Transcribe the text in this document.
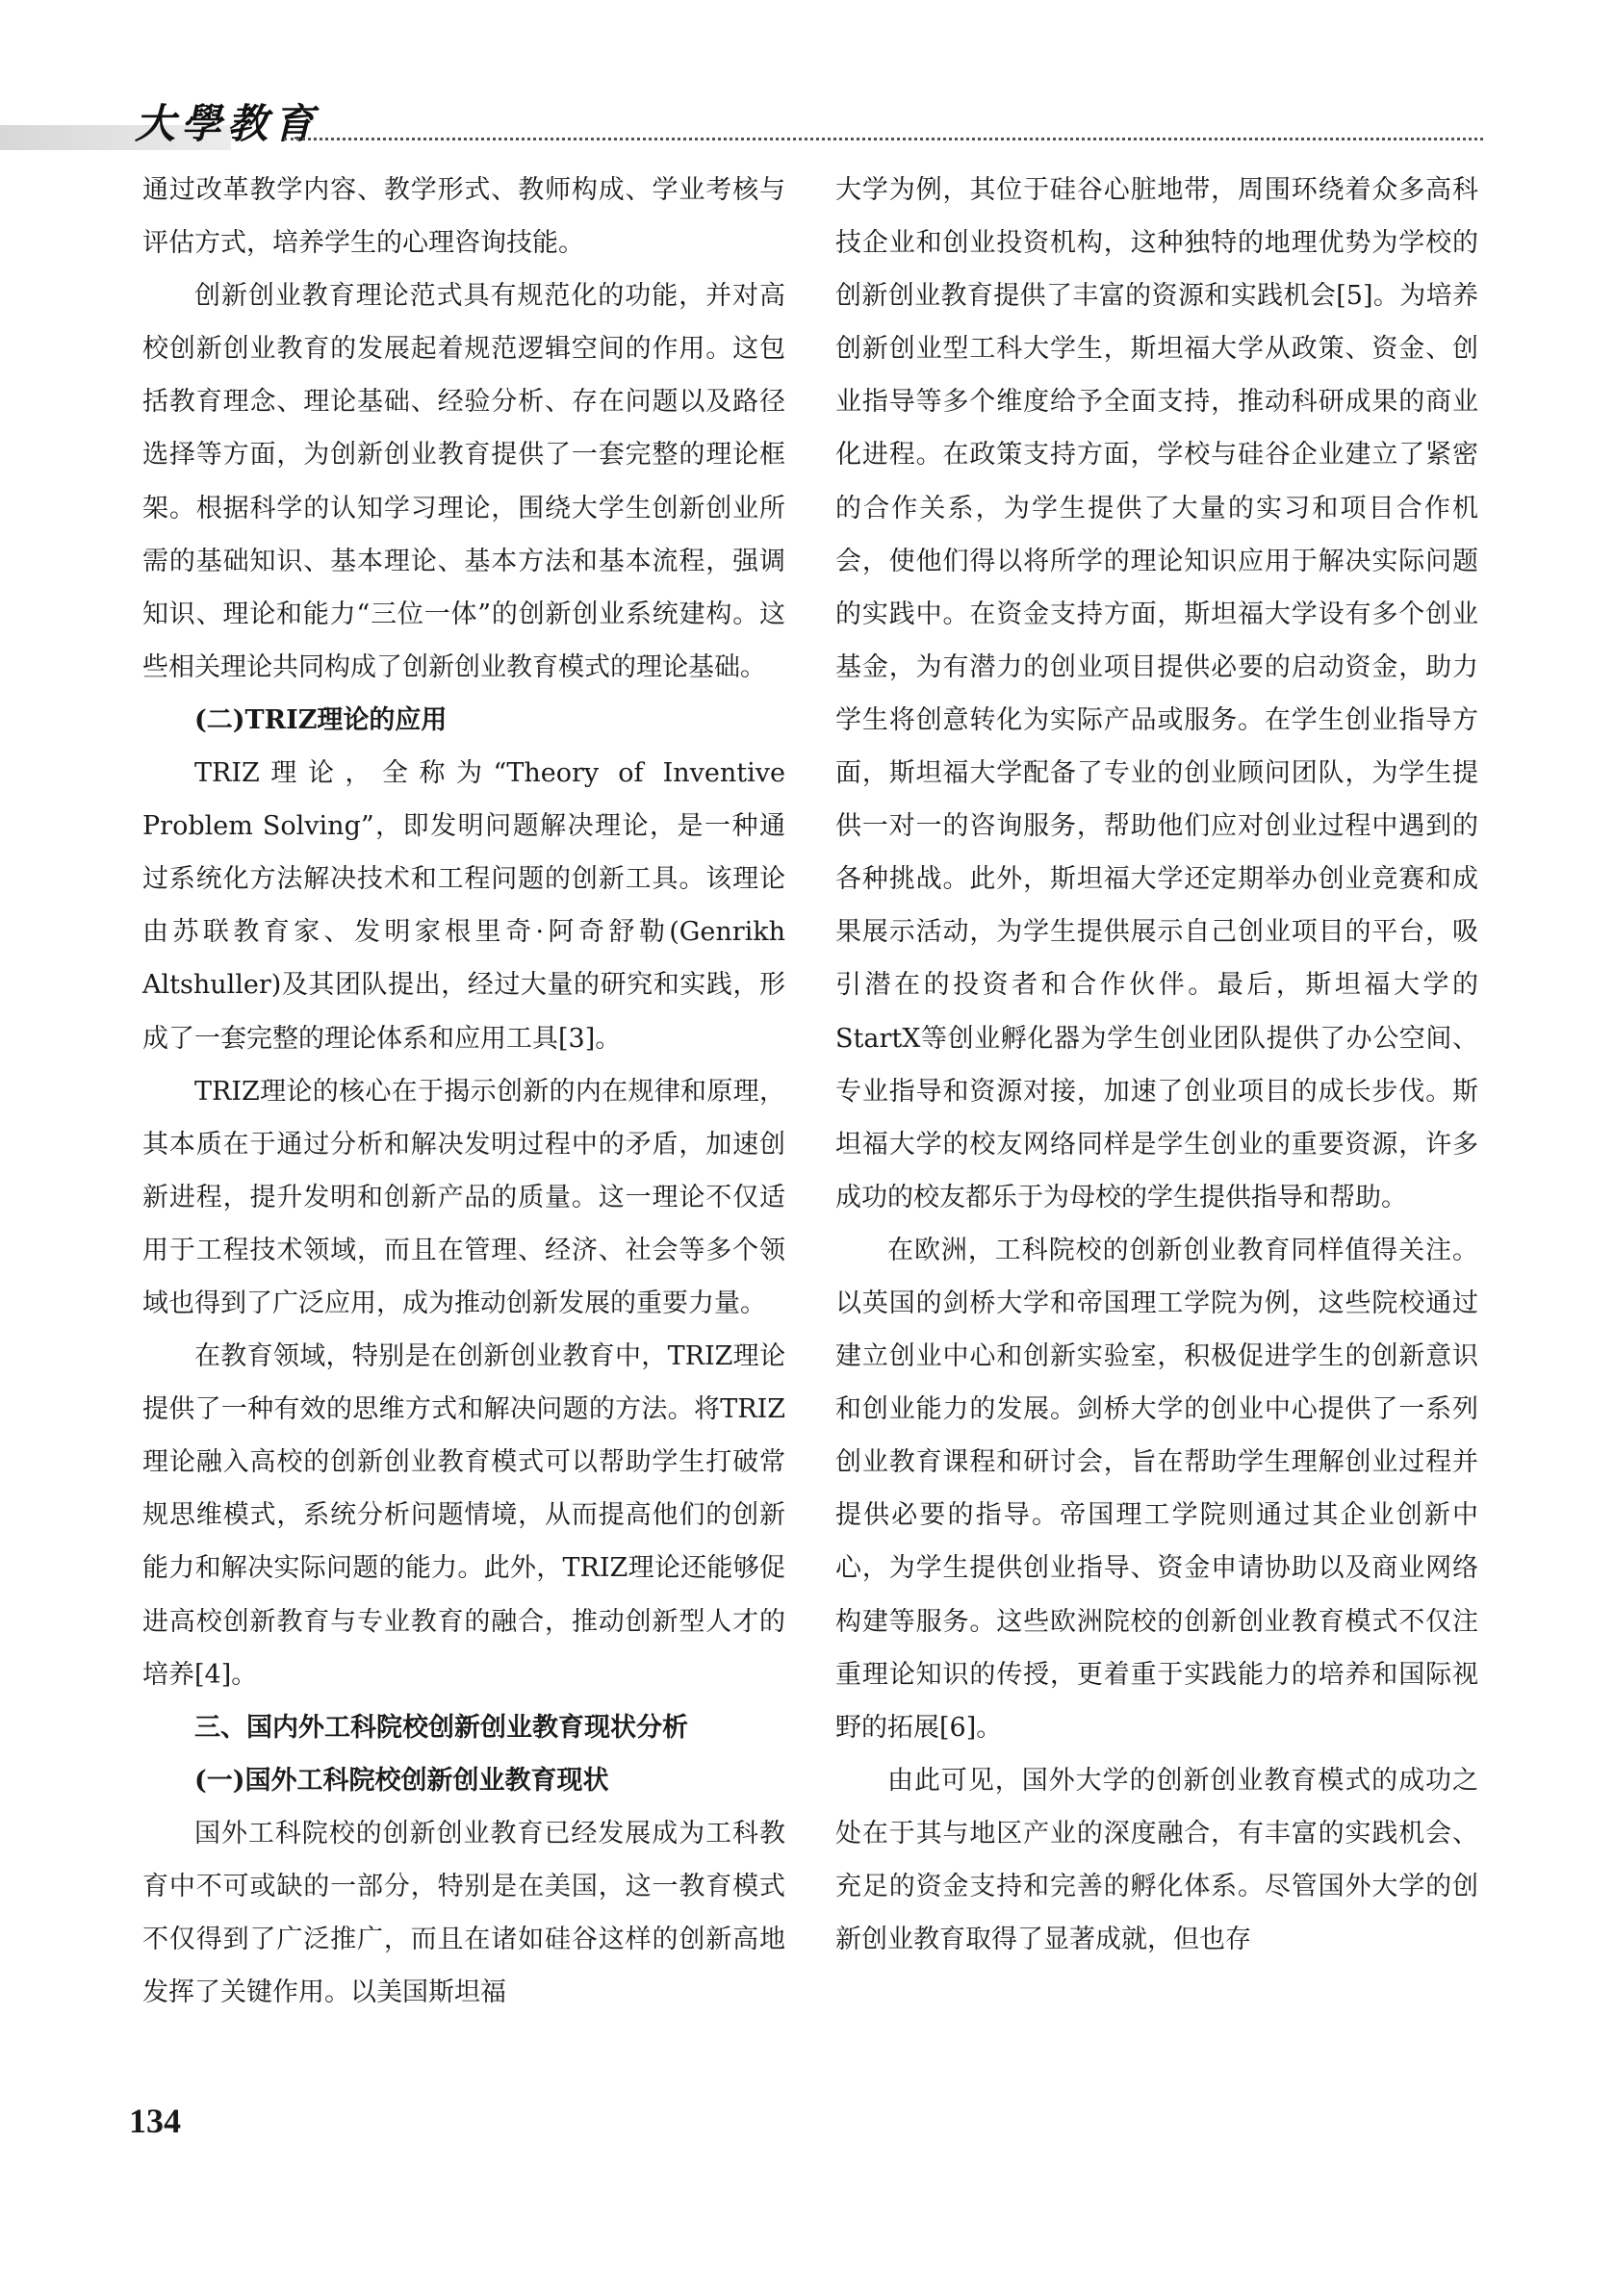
大學教育

通过改革教学内容、教学形式、教师构成、学业考核与评估方式，培养学生的心理咨询技能。

创新创业教育理论范式具有规范化的功能，并对高校创新创业教育的发展起着规范逻辑空间的作用。这包括教育理念、理论基础、经验分析、存在问题以及路径选择等方面，为创新创业教育提供了一套完整的理论框架。根据科学的认知学习理论，围绕大学生创新创业所需的基础知识、基本理论、基本方法和基本流程，强调知识、理论和能力“三位一体”的创新创业系统建构。这些相关理论共同构成了创新创业教育模式的理论基础。

(二)TRIZ理论的应用

TRIZ理论，全称为“Theory of Inventive Problem Solving”，即发明问题解决理论，是一种通过系统化方法解决技术和工程问题的创新工具。该理论由苏联教育家、发明家根里奇·阿奇舒勒(Genrikh Altshuller)及其团队提出，经过大量的研究和实践，形成了一套完整的理论体系和应用工具[3]。

TRIZ理论的核心在于揭示创新的内在规律和原理，其本质在于通过分析和解决发明过程中的矛盾，加速创新进程，提升发明和创新产品的质量。这一理论不仅适用于工程技术领域，而且在管理、经济、社会等多个领域也得到了广泛应用，成为推动创新发展的重要力量。

在教育领域，特别是在创新创业教育中，TRIZ理论提供了一种有效的思维方式和解决问题的方法。将TRIZ理论融入高校的创新创业教育模式可以帮助学生打破常规思维模式，系统分析问题情境，从而提高他们的创新能力和解决实际问题的能力。此外，TRIZ理论还能够促进高校创新教育与专业教育的融合，推动创新型人才的培养[4]。

三、国内外工科院校创新创业教育现状分析
(一)国外工科院校创新创业教育现状

国外工科院校的创新创业教育已经发展成为工科教育中不可或缺的一部分，特别是在美国，这一教育模式不仅得到了广泛推广，而且在诸如硅谷这样的创新高地发挥了关键作用。以美国斯坦福

大学为例，其位于硅谷心脏地带，周围环绕着众多高科技企业和创业投资机构，这种独特的地理优势为学校的创新创业教育提供了丰富的资源和实践机会[5]。为培养创新创业型工科大学生，斯坦福大学从政策、资金、创业指导等多个维度给予全面支持，推动科研成果的商业化进程。在政策支持方面，学校与硅谷企业建立了紧密的合作关系，为学生提供了大量的实习和项目合作机会，使他们得以将所学的理论知识应用于解决实际问题的实践中。在资金支持方面，斯坦福大学设有多个创业基金，为有潜力的创业项目提供必要的启动资金，助力学生将创意转化为实际产品或服务。在学生创业指导方面，斯坦福大学配备了专业的创业顾问团队，为学生提供一对一的咨询服务，帮助他们应对创业过程中遇到的各种挑战。此外，斯坦福大学还定期举办创业竞赛和成果展示活动，为学生提供展示自己创业项目的平台，吸引潜在的投资者和合作伙伴。最后，斯坦福大学的StartX等创业孵化器为学生创业团队提供了办公空间、专业指导和资源对接，加速了创业项目的成长步伐。斯坦福大学的校友网络同样是学生创业的重要资源，许多成功的校友都乐于为母校的学生提供指导和帮助。

在欧洲，工科院校的创新创业教育同样值得关注。以英国的剑桥大学和帝国理工学院为例，这些院校通过建立创业中心和创新实验室，积极促进学生的创新意识和创业能力的发展。剑桥大学的创业中心提供了一系列创业教育课程和研讨会，旨在帮助学生理解创业过程并提供必要的指导。帝国理工学院则通过其企业创新中心，为学生提供创业指导、资金申请协助以及商业网络构建等服务。这些欧洲院校的创新创业教育模式不仅注重理论知识的传授，更着重于实践能力的培养和国际视野的拓展[6]。

由此可见，国外大学的创新创业教育模式的成功之处在于其与地区产业的深度融合，有丰富的实践机会、充足的资金支持和完善的孵化体系。尽管国外大学的创新创业教育取得了显著成就，但也存

134
